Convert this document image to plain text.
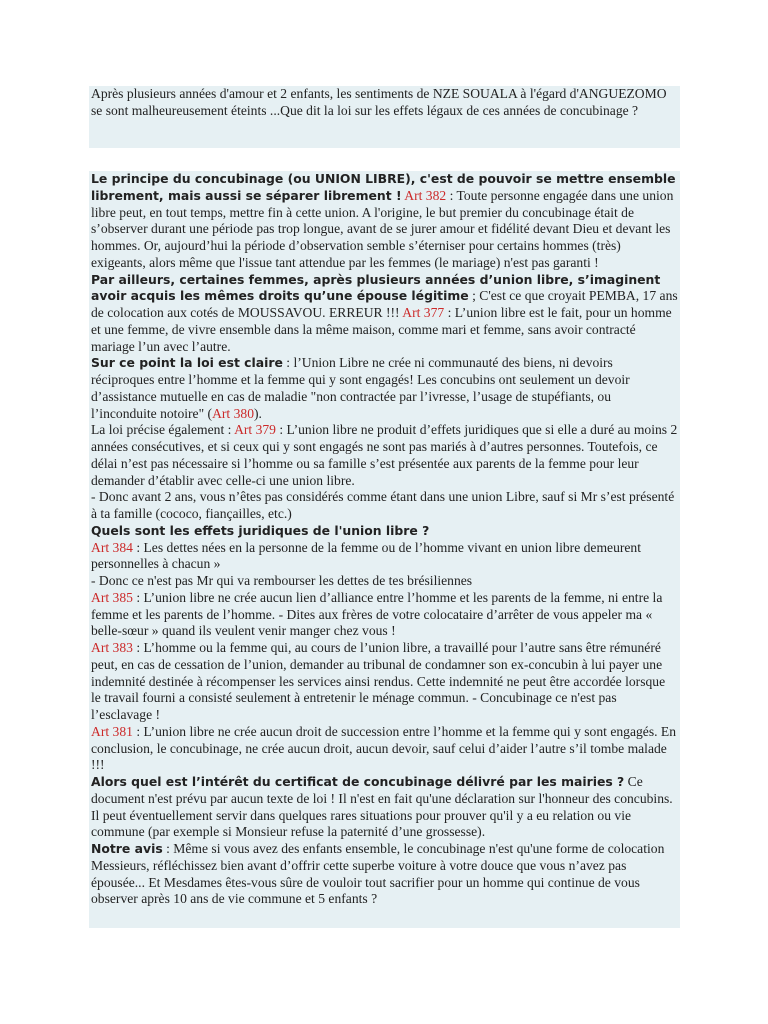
Après plusieurs années d'amour et 2 enfants, les sentiments de NZE SOUALA à l'égard d'ANGUEZOMO se sont malheureusement éteints ...Que dit la loi sur les effets légaux de ces années de concubinage ?

Le principe du concubinage (ou UNION LIBRE), c'est de pouvoir se mettre ensemble librement, mais aussi se séparer librement ! Art 382 : Toute personne engagée dans une union libre peut, en tout temps, mettre fin à cette union. A l'origine, le but premier du concubinage était de s’observer durant une période pas trop longue, avant de se jurer amour et fidélité devant Dieu et devant les hommes. Or, aujourd’hui la période d’observation semble s’éterniser pour certains hommes (très) exigeants, alors même que l'issue tant attendue par les femmes (le mariage) n'est pas garanti !

Par ailleurs, certaines femmes, après plusieurs années d’union libre, s’imaginent avoir acquis les mêmes droits qu’une épouse légitime ; C'est ce que croyait PEMBA, 17 ans de colocation aux cotés de MOUSSAVOU. ERREUR !!! Art 377 : L’union libre est le fait, pour un homme et une femme, de vivre ensemble dans la même maison, comme mari et femme, sans avoir contracté mariage l’un avec l’autre.

Sur ce point la loi est claire : l’Union Libre ne crée ni communauté des biens, ni devoirs réciproques entre l’homme et la femme qui y sont engagés! Les concubins ont seulement un devoir d’assistance mutuelle en cas de maladie "non contractée par l’ivresse, l’usage de stupéfiants, ou l’inconduite notoire" (Art 380).

La loi précise également : Art 379 : L’union libre ne produit d’effets juridiques que si elle a duré au moins 2 années consécutives, et si ceux qui y sont engagés ne sont pas mariés à d’autres personnes. Toutefois, ce délai n’est pas nécessaire si l’homme ou sa famille s’est présentée aux parents de la femme pour leur demander d’établir avec celle-ci une union libre.

- Donc avant 2 ans, vous n’êtes pas considérés comme étant dans une union Libre, sauf si Mr s’est présenté à ta famille (cococo, fiançailles, etc.)

Quels sont les effets juridiques de l'union libre ?

Art 384 : Les dettes nées en la personne de la femme ou de l’homme vivant en union libre demeurent personnelles à chacun »

- Donc ce n'est pas Mr qui va rembourser les dettes de tes brésiliennes

Art 385 : L’union libre ne crée aucun lien d’alliance entre l’homme et les parents de la femme, ni entre la femme et les parents de l’homme. - Dites aux frères de votre colocataire d’arrêter de vous appeler ma « belle-sœur » quand ils veulent venir manger chez vous !

Art 383 : L’homme ou la femme qui, au cours de l’union libre, a travaillé pour l’autre sans être rémunéré peut, en cas de cessation de l’union, demander au tribunal de condamner son ex-concubin à lui payer une indemnité destinée à récompenser les services ainsi rendus. Cette indemnité ne peut être accordée lorsque le travail fourni a consisté seulement à entretenir le ménage commun. - Concubinage ce n'est pas l’esclavage !

Art 381 : L’union libre ne crée aucun droit de succession entre l’homme et la femme qui y sont engagés. En conclusion, le concubinage, ne crée aucun droit, aucun devoir, sauf celui d’aider l’autre s’il tombe malade !!!

Alors quel est l’intérêt du certificat de concubinage délivré par les mairies ? Ce document n'est prévu par aucun texte de loi ! Il n'est en fait qu'une déclaration sur l'honneur des concubins. Il peut éventuellement servir dans quelques rares situations pour prouver qu'il y a eu relation ou vie commune (par exemple si Monsieur refuse la paternité d’une grossesse).

Notre avis : Même si vous avez des enfants ensemble, le concubinage n'est qu'une forme de colocation Messieurs, réfléchissez bien avant d’offrir cette superbe voiture à votre douce que vous n’avez pas épousée... Et Mesdames êtes-vous sûre de vouloir tout sacrifier pour un homme qui continue de vous observer après 10 ans de vie commune et 5 enfants ?
